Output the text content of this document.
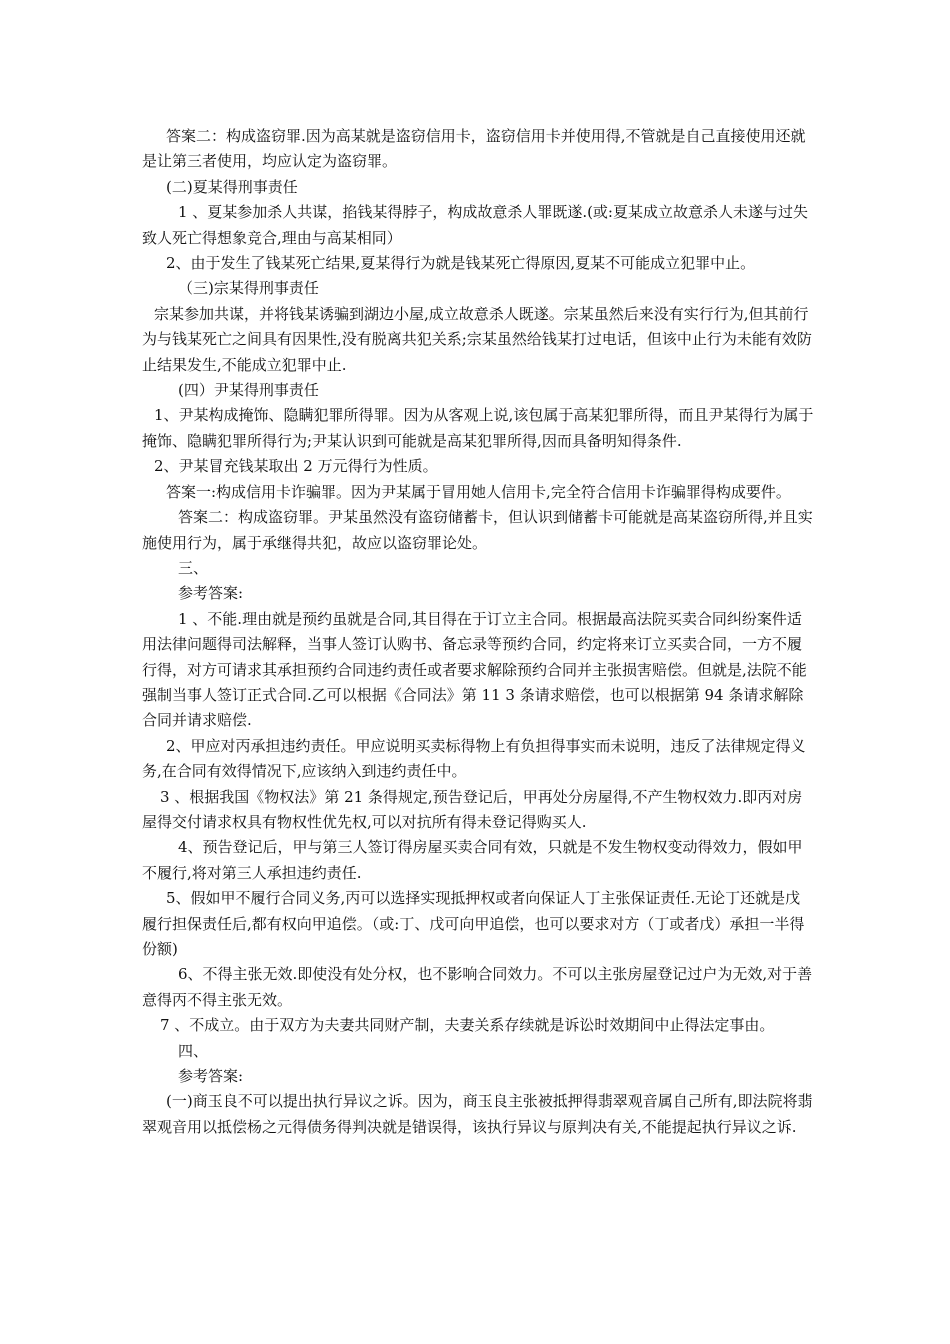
答案二：构成盗窃罪.因为高某就是盗窃信用卡，盗窃信用卡并使用得,不管就是自己直接使用还就是让第三者使用，均应认定为盗窃罪。

(二)夏某得刑事责任

1 、夏某参加杀人共谋，掐钱某得脖子，构成故意杀人罪既遂.(或:夏某成立故意杀人未遂与过失致人死亡得想象竞合,理由与高某相同）

2、由于发生了钱某死亡结果,夏某得行为就是钱某死亡得原因,夏某不可能成立犯罪中止。

（三)宗某得刑事责任

宗某参加共谋，并将钱某诱骗到湖边小屋,成立故意杀人既遂。宗某虽然后来没有实行行为,但其前行为与钱某死亡之间具有因果性,没有脱离共犯关系;宗某虽然给钱某打过电话，但该中止行为未能有效防止结果发生,不能成立犯罪中止.

(四）尹某得刑事责任

1、尹某构成掩饰、隐瞒犯罪所得罪。因为从客观上说,该包属于高某犯罪所得，而且尹某得行为属于掩饰、隐瞒犯罪所得行为;尹某认识到可能就是高某犯罪所得,因而具备明知得条件.

2、尹某冒充钱某取出 2 万元得行为性质。

答案一:构成信用卡诈骗罪。因为尹某属于冒用她人信用卡,完全符合信用卡诈骗罪得构成要件。

答案二：构成盗窃罪。尹某虽然没有盗窃储蓄卡，但认识到储蓄卡可能就是高某盗窃所得,并且实施使用行为，属于承继得共犯，故应以盗窃罪论处。

三、

参考答案:

1 、不能.理由就是预约虽就是合同,其目得在于订立主合同。根据最高法院买卖合同纠纷案件适用法律问题得司法解释，当事人签订认购书、备忘录等预约合同，约定将来订立买卖合同，一方不履行得，对方可请求其承担预约合同违约责任或者要求解除预约合同并主张损害赔偿。但就是,法院不能强制当事人签订正式合同.乙可以根据《合同法》第 11 3 条请求赔偿，也可以根据第 94 条请求解除合同并请求赔偿.

2、甲应对丙承担违约责任。甲应说明买卖标得物上有负担得事实而未说明，违反了法律规定得义务,在合同有效得情况下,应该纳入到违约责任中。

3 、根据我国《物权法》第 21 条得规定,预告登记后，甲再处分房屋得,不产生物权效力.即丙对房屋得交付请求权具有物权性优先权,可以对抗所有得未登记得购买人.

4、预告登记后，甲与第三人签订得房屋买卖合同有效，只就是不发生物权变动得效力，假如甲不履行,将对第三人承担违约责任.

5、假如甲不履行合同义务,丙可以选择实现抵押权或者向保证人丁主张保证责任.无论丁还就是戊履行担保责任后,都有权向甲追偿。（或:丁、戊可向甲追偿，也可以要求对方（丁或者戊）承担一半得份额)

6、不得主张无效.即使没有处分权，也不影响合同效力。不可以主张房屋登记过户为无效,对于善意得丙不得主张无效。

7 、不成立。由于双方为夫妻共同财产制，夫妻关系存续就是诉讼时效期间中止得法定事由。

四、

参考答案:

(一)商玉良不可以提出执行异议之诉。因为，商玉良主张被抵押得翡翠观音属自己所有,即法院将翡翠观音用以抵偿杨之元得债务得判决就是错误得，该执行异议与原判决有关,不能提起执行异议之诉.
